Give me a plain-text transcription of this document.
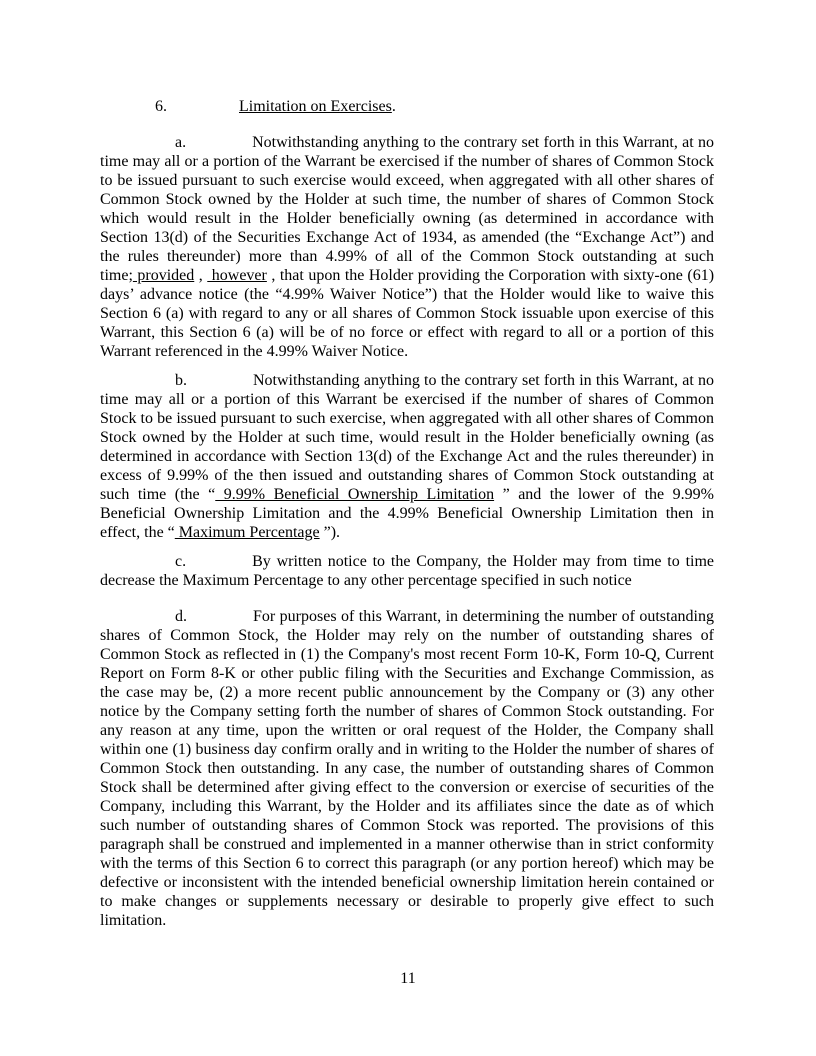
6.	Limitation on Exercises.

a.	Notwithstanding anything to the contrary set forth in this Warrant, at no time may all or a portion of the Warrant be exercised if the number of shares of Common Stock to be issued pursuant to such exercise would exceed, when aggregated with all other shares of Common Stock owned by the Holder at such time, the number of shares of Common Stock which would result in the Holder beneficially owning (as determined in accordance with Section 13(d) of the Securities Exchange Act of 1934, as amended (the “Exchange Act”) and the rules thereunder) more than 4.99% of all of the Common Stock outstanding at such time; provided ,  however , that upon the Holder providing the Corporation with sixty-one (61) days’ advance notice (the “4.99% Waiver Notice”) that the Holder would like to waive this Section 6 (a) with regard to any or all shares of Common Stock issuable upon exercise of this Warrant, this Section 6 (a) will be of no force or effect with regard to all or a portion of this Warrant referenced in the 4.99% Waiver Notice.

b.	Notwithstanding anything to the contrary set forth in this Warrant, at no time may all or a portion of this Warrant be exercised if the number of shares of Common Stock to be issued pursuant to such exercise, when aggregated with all other shares of Common Stock owned by the Holder at such time, would result in the Holder beneficially owning (as determined in accordance with Section 13(d) of the Exchange Act and the rules thereunder) in excess of 9.99% of the then issued and outstanding shares of Common Stock outstanding at such time (the “ 9.99% Beneficial Ownership Limitation ” and the lower of the 9.99% Beneficial Ownership Limitation and the 4.99% Beneficial Ownership Limitation then in effect, the “ Maximum Percentage ”).

c.	By written notice to the Company, the Holder may from time to time decrease the Maximum Percentage to any other percentage specified in such notice

d.	For purposes of this Warrant, in determining the number of outstanding shares of Common Stock, the Holder may rely on the number of outstanding shares of Common Stock as reflected in (1) the Company's most recent Form 10-K, Form 10-Q, Current Report on Form 8-K or other public filing with the Securities and Exchange Commission, as the case may be, (2) a more recent public announcement by the Company or (3) any other notice by the Company setting forth the number of shares of Common Stock outstanding. For any reason at any time, upon the written or oral request of the Holder, the Company shall within one (1) business day confirm orally and in writing to the Holder the number of shares of Common Stock then outstanding. In any case, the number of outstanding shares of Common Stock shall be determined after giving effect to the conversion or exercise of securities of the Company, including this Warrant, by the Holder and its affiliates since the date as of which such number of outstanding shares of Common Stock was reported. The provisions of this paragraph shall be construed and implemented in a manner otherwise than in strict conformity with the terms of this Section 6 to correct this paragraph (or any portion hereof) which may be defective or inconsistent with the intended beneficial ownership limitation herein contained or to make changes or supplements necessary or desirable to properly give effect to such limitation.

11
